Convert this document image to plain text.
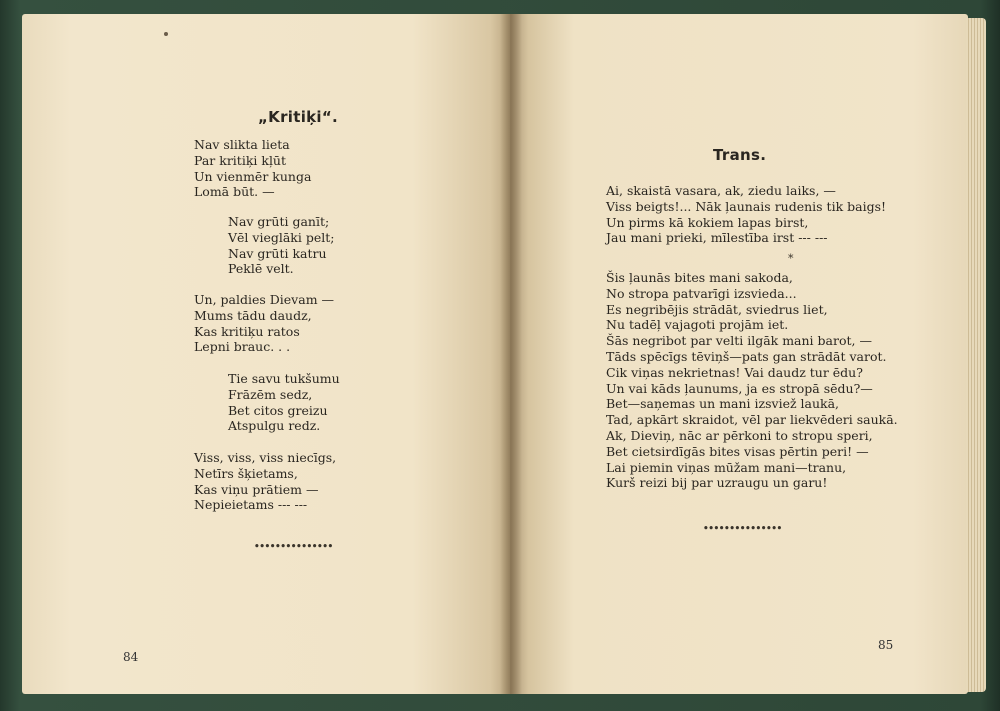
„Kritiķi“.
Nav slikta lieta
Par kritiķi kļūt
Un vienmēr kunga
Lomā būt. —
Nav grūti ganīt;
Vēl vieglāki pelt;
Nav grūti katru
Peklē velt.
Un, paldies Dievam —
Mums tādu daudz,
Kas kritiķu ratos
Lepni brauc. . .
Tie savu tukšumu
Frāzēm sedz,
Bet citos greizu
Atspulgu redz.
Viss, viss, viss niecīgs,
Netīrs šķietams,
Kas viņu prātiem —
Nepieietams --- ---
•••••••••••••••
84
Trans.
Ai, skaistā vasara, ak, ziedu laiks, —
Viss beigts!... Nāk ļaunais rudenis tik baigs!
Un pirms kā kokiem lapas birst,
Jau mani prieki, mīlestība irst --- ---
*
Šis ļaunās bites mani sakoda,
No stropa patvarīgi izsvieda...
Es negribējis strādāt, sviedrus liet,
Nu tadēļ vajagoti projām iet.
Šās negribot par velti ilgāk mani barot, —
Tāds spēcīgs tēviņš—pats gan strādāt varot.
Cik viņas nekrietnas! Vai daudz tur ēdu?
Un vai kāds ļaunums, ja es stropā sēdu?—
Bet—saņemas un mani izsviež laukā,
Tad, apkārt skraidot, vēl par liekvēderi saukā.
Ak, Dieviņ, nāc ar pērkoni to stropu speri,
Bet cietsirdīgās bites visas pērtin peri! —
Lai piemin viņas mūžam mani—tranu,
Kurš reizi bij par uzraugu un garu!
•••••••••••••••
85
